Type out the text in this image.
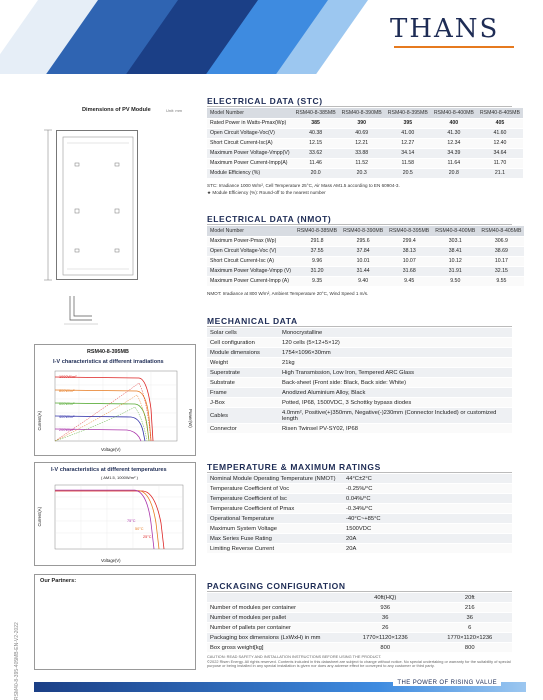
THANS
RSM40-8-395-405MB-EN-V2-2022
Dimensions of PV Module	Unit: mm
RSM40-8-395MB
I-V characteristics at different irradiations
1000W/m²
800W/m²
600W/m²
400W/m²
200W/m²
Voltage(V)
Current(A)	Power(W)
I-V characteristics at different temperatures
( AM1.5, 1000W/m² )
75°C
50°C
25°C
Voltage(V)
Current(A)
Our Partners:
ELECTRICAL DATA (STC)
Model Number	RSM40-8-385MB	RSM40-8-390MB	RSM40-8-395MB	RSM40-8-400MB	RSM40-8-405MB
Rated Power in Watts-Pmax(Wp)	385	390	395	400	405
Open Circuit Voltage-Voc(V)	40.38	40.69	41.00	41.30	41.60
Short Circuit Current-Isc(A)	12.15	12.21	12.27	12.34	12.40
Maximum Power Voltage-Vmpp(V)	33.62	33.88	34.14	34.39	34.64
Maximum Power Current-Impp(A)	11.46	11.52	11.58	11.64	11.70
Module Efficiency (%)	20.0	20.3	20.5	20.8	21.1
STC: Irradiance 1000 W/m², Cell Temperature 25°C, Air Mass AM1.5 according to EN 60904-3.
★ Module Efficiency (%): Round-off to the nearest number
ELECTRICAL DATA (NMOT)
Model Number	RSM40-8-385MB	RSM40-8-390MB	RSM40-8-395MB	RSM40-8-400MB	RSM40-8-405MB
Maximum Power-Pmax (Wp)	291.8	295.6	299.4	303.1	306.9
Open Circuit Voltage-Voc (V)	37.55	37.84	38.13	38.41	38.69
Short Circuit Current-Isc (A)	9.96	10.01	10.07	10.12	10.17
Maximum Power Voltage-Vmpp (V)	31.20	31.44	31.68	31.91	32.15
Maximum Power Current-Impp (A)	9.35	9.40	9.45	9.50	9.55
NMOT: Irradiance at 800 W/m², Ambient Temperature 20°C, Wind Speed 1 m/s.
MECHANICAL DATA
Solar cells	Monocrystalline
Cell configuration	120 cells (5×12+5×12)
Module dimensions	1754×1096×30mm
Weight	21kg
Superstrate	High Transmission, Low Iron, Tempered ARC Glass
Substrate	Back-sheet (Front side: Black, Back side: White)
Frame	Anodized Aluminium Alloy, Black
J-Box	Potted, IP68, 1500VDC, 3 Schottky bypass diodes
Cables	4.0mm², Positive(+)350mm, Negative(-)230mm (Connector Included) or customized length
Connector	Risen Twinsel PV-SY02, IP68
TEMPERATURE & MAXIMUM RATINGS
Nominal Module Operating Temperature (NMOT)	44°C±2°C
Temperature Coefficient of Voc	-0.25%/°C
Temperature Coefficient of Isc	0.04%/°C
Temperature Coefficient of Pmax	-0.34%/°C
Operational Temperature	-40°C~+85°C
Maximum System Voltage	1500VDC
Max Series Fuse Rating	20A
Limiting Reverse Current	20A
PACKAGING CONFIGURATION
	40ft(HQ)	20ft
Number of modules per container	936	216
Number of modules per pallet	36	36
Number of pallets per container	26	6
Packaging box dimensions (LxWxH) in mm	1770×1120×1236	1770×1120×1236
Box gross weight[kg]	800	800
CAUTION: READ SAFETY AND INSTALLATION INSTRUCTIONS BEFORE USING THE PRODUCT.
©2022 Risen Energy. All rights reserved. Contents included in this datasheet are subject to change without notice. No special undertaking or warranty for the suitability of special purpose or being installed in any special installation is given nor does any adverse effect be conveyed to any customer or third party.
THE POWER OF RISING VALUE
